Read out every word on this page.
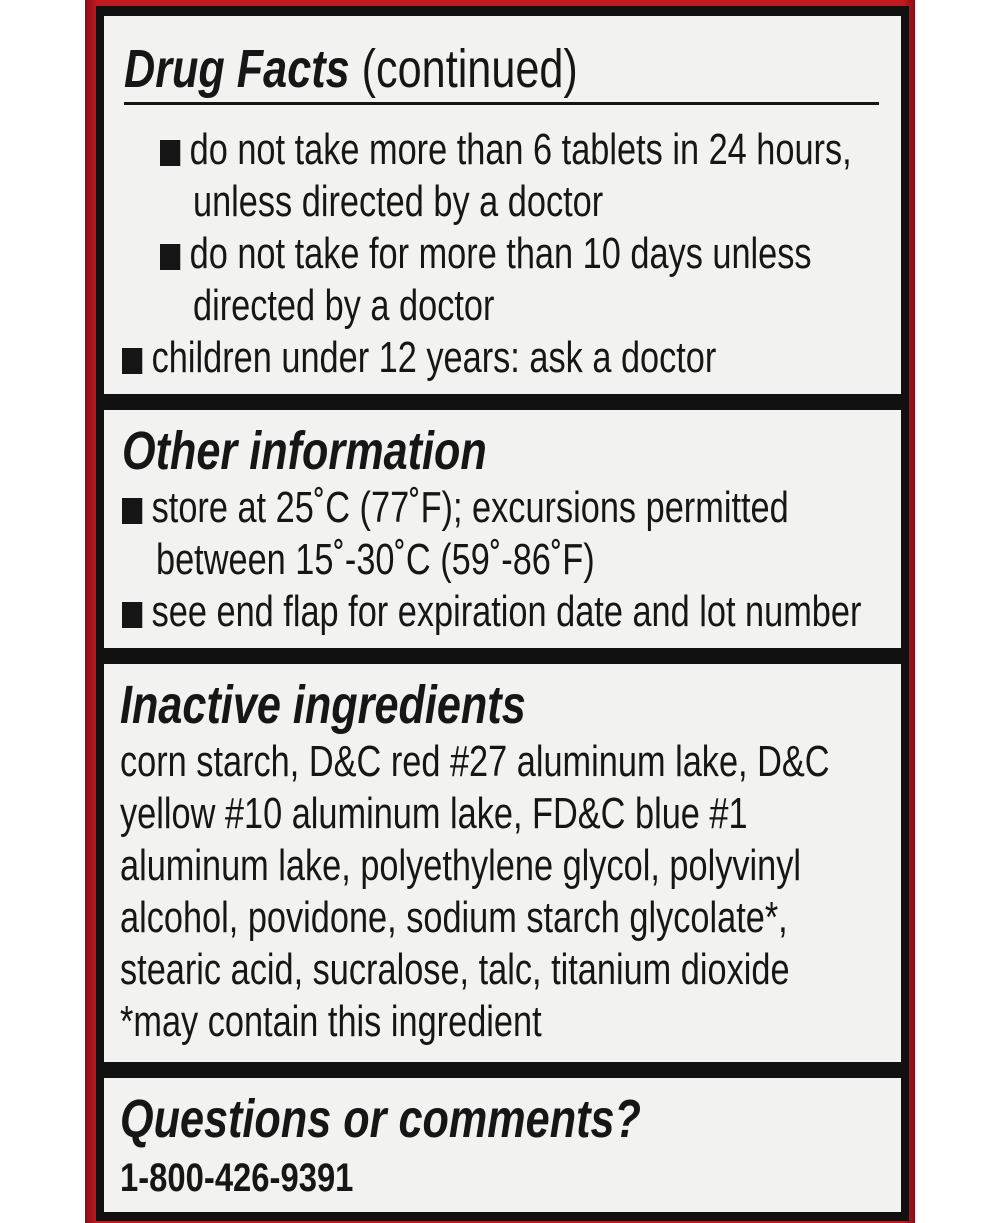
Drug Facts (continued)
do not take more than 6 tablets in 24 hours,
unless directed by a doctor
do not take for more than 10 days unless
directed by a doctor
children under 12 years: ask a doctor
Other information
store at 25˚C (77˚F); excursions permitted
between 15˚-30˚C (59˚-86˚F)
see end flap for expiration date and lot number
Inactive ingredients
corn starch, D&C red #27 aluminum lake, D&C
yellow #10 aluminum lake, FD&C blue #1
aluminum lake, polyethylene glycol, polyvinyl
alcohol, povidone, sodium starch glycolate*,
stearic acid, sucralose, talc, titanium dioxide
*may contain this ingredient
Questions or comments?
1-800-426-9391
